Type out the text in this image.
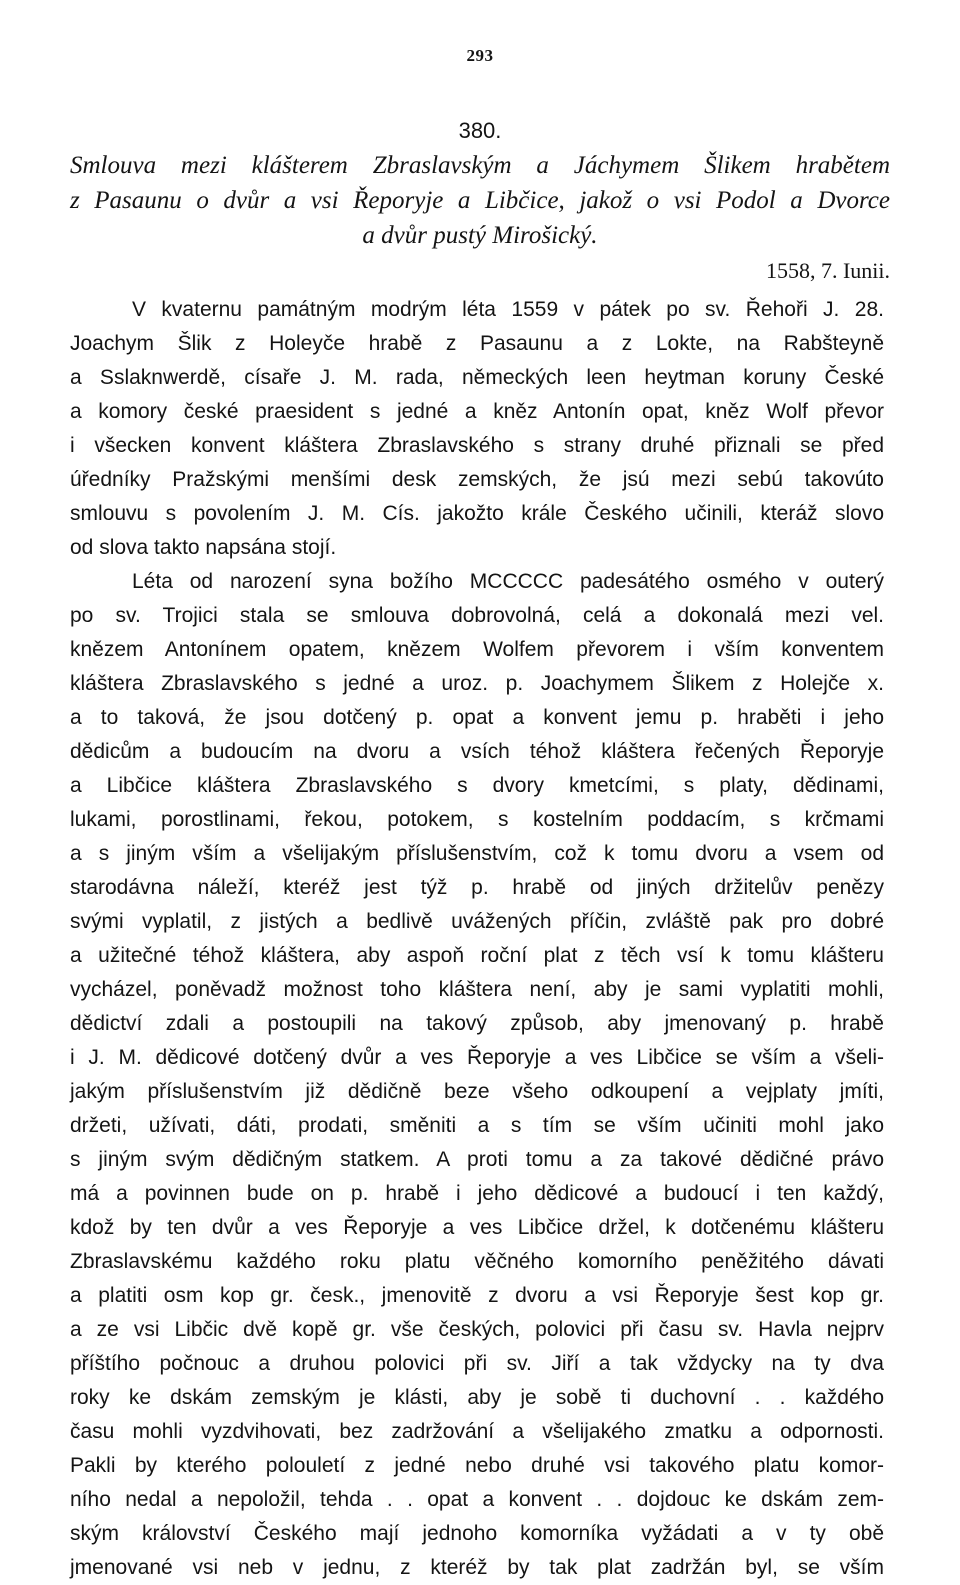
293
380.
Smlouva mezi klášterem Zbraslavským a Jáchymem Šlikem hrabětem
z Pasaunu o dvůr a vsi Řeporyje a Libčice, jakož o vsi Podol a Dvorce
a dvůr pustý Mirošický.
1558, 7. Iunii.
V kvaternu památným modrým léta 1559 v pátek po sv. Řehoři J. 28.
Joachym Šlik z Holeyče hrabě z Pasaunu a z Lokte, na Rabšteyně
a Sslaknwerdě, císaře J. M. rada, německých leen heytman koruny České
a komory české praesident s jedné a kněz Antonín opat, kněz Wolf převor
i všecken konvent kláštera Zbraslavského s strany druhé přiznali se před
úředníky Pražskými menšími desk zemských, že jsú mezi sebú takovúto
smlouvu s povolením J. M. Cís. jakožto krále Českého učinili, kteráž slovo
od slova takto napsána stojí.
Léta od narození syna božího MCCCCC padesátého osmého v outerý
po sv. Trojici stala se smlouva dobrovolná, celá a dokonalá mezi vel.
knězem Antonínem opatem, knězem Wolfem převorem i vším konventem
kláštera Zbraslavského s jedné a uroz. p. Joachymem Šlikem z Holejče x.
a to taková, že jsou dotčený p. opat a konvent jemu p. hraběti i jeho
dědicům a budoucím na dvoru a vsích téhož kláštera řečených Řeporyje
a Libčice kláštera Zbraslavského s dvory kmetcími, s platy, dědinami,
lukami, porostlinami, řekou, potokem, s kostelním poddacím, s krčmami
a s jiným vším a všelijakým příslušenstvím, což k tomu dvoru a vsem od
starodávna náleží, kteréž jest týž p. hrabě od jiných držitelův penězy
svými vyplatil, z jistých a bedlivě uvážených příčin, zvláště pak pro dobré
a užitečné téhož kláštera, aby aspoň roční plat z těch vsí k tomu klášteru
vycházel, poněvadž možnost toho kláštera není, aby je sami vyplatiti mohli,
dědictví zdali a postoupili na takový způsob, aby jmenovaný p. hrabě
i J. M. dědicové dotčený dvůr a ves Řeporyje a ves Libčice se vším a všeli-
jakým příslušenstvím již dědičně beze všeho odkoupení a vejplaty jmíti,
držeti, užívati, dáti, prodati, směniti a s tím se vším učiniti mohl jako
s jiným svým dědičným statkem. A proti tomu a za takové dědičné právo
má a povinnen bude on p. hrabě i jeho dědicové a budoucí i ten každý,
kdož by ten dvůr a ves Řeporyje a ves Libčice držel, k dotčenému klášteru
Zbraslavskému každého roku platu věčného komorního peněžitého dávati
a platiti osm kop gr. česk., jmenovitě z dvoru a vsi Řeporyje šest kop gr.
a ze vsi Libčic dvě kopě gr. vše českých, polovici při času sv. Havla nejprv
příštího počnouc a druhou polovici při sv. Jiří a tak vždycky na ty dva
roky ke dskám zemským je klásti, aby je sobě ti duchovní . . každého
času mohli vyzdvihovati, bez zadržování a všelijakého zmatku a odpornosti.
Pakli by kterého polouletí z jedné nebo druhé vsi takového platu komor-
ního nedal a nepoložil, tehda . . opat a konvent . . dojdouc ke dskám zem-
ským království Českého mají jednoho komorníka vyžádati a v ty obě
jmenované vsi neb v jednu, z kteréž by tak plat zadržán byl, se vším
